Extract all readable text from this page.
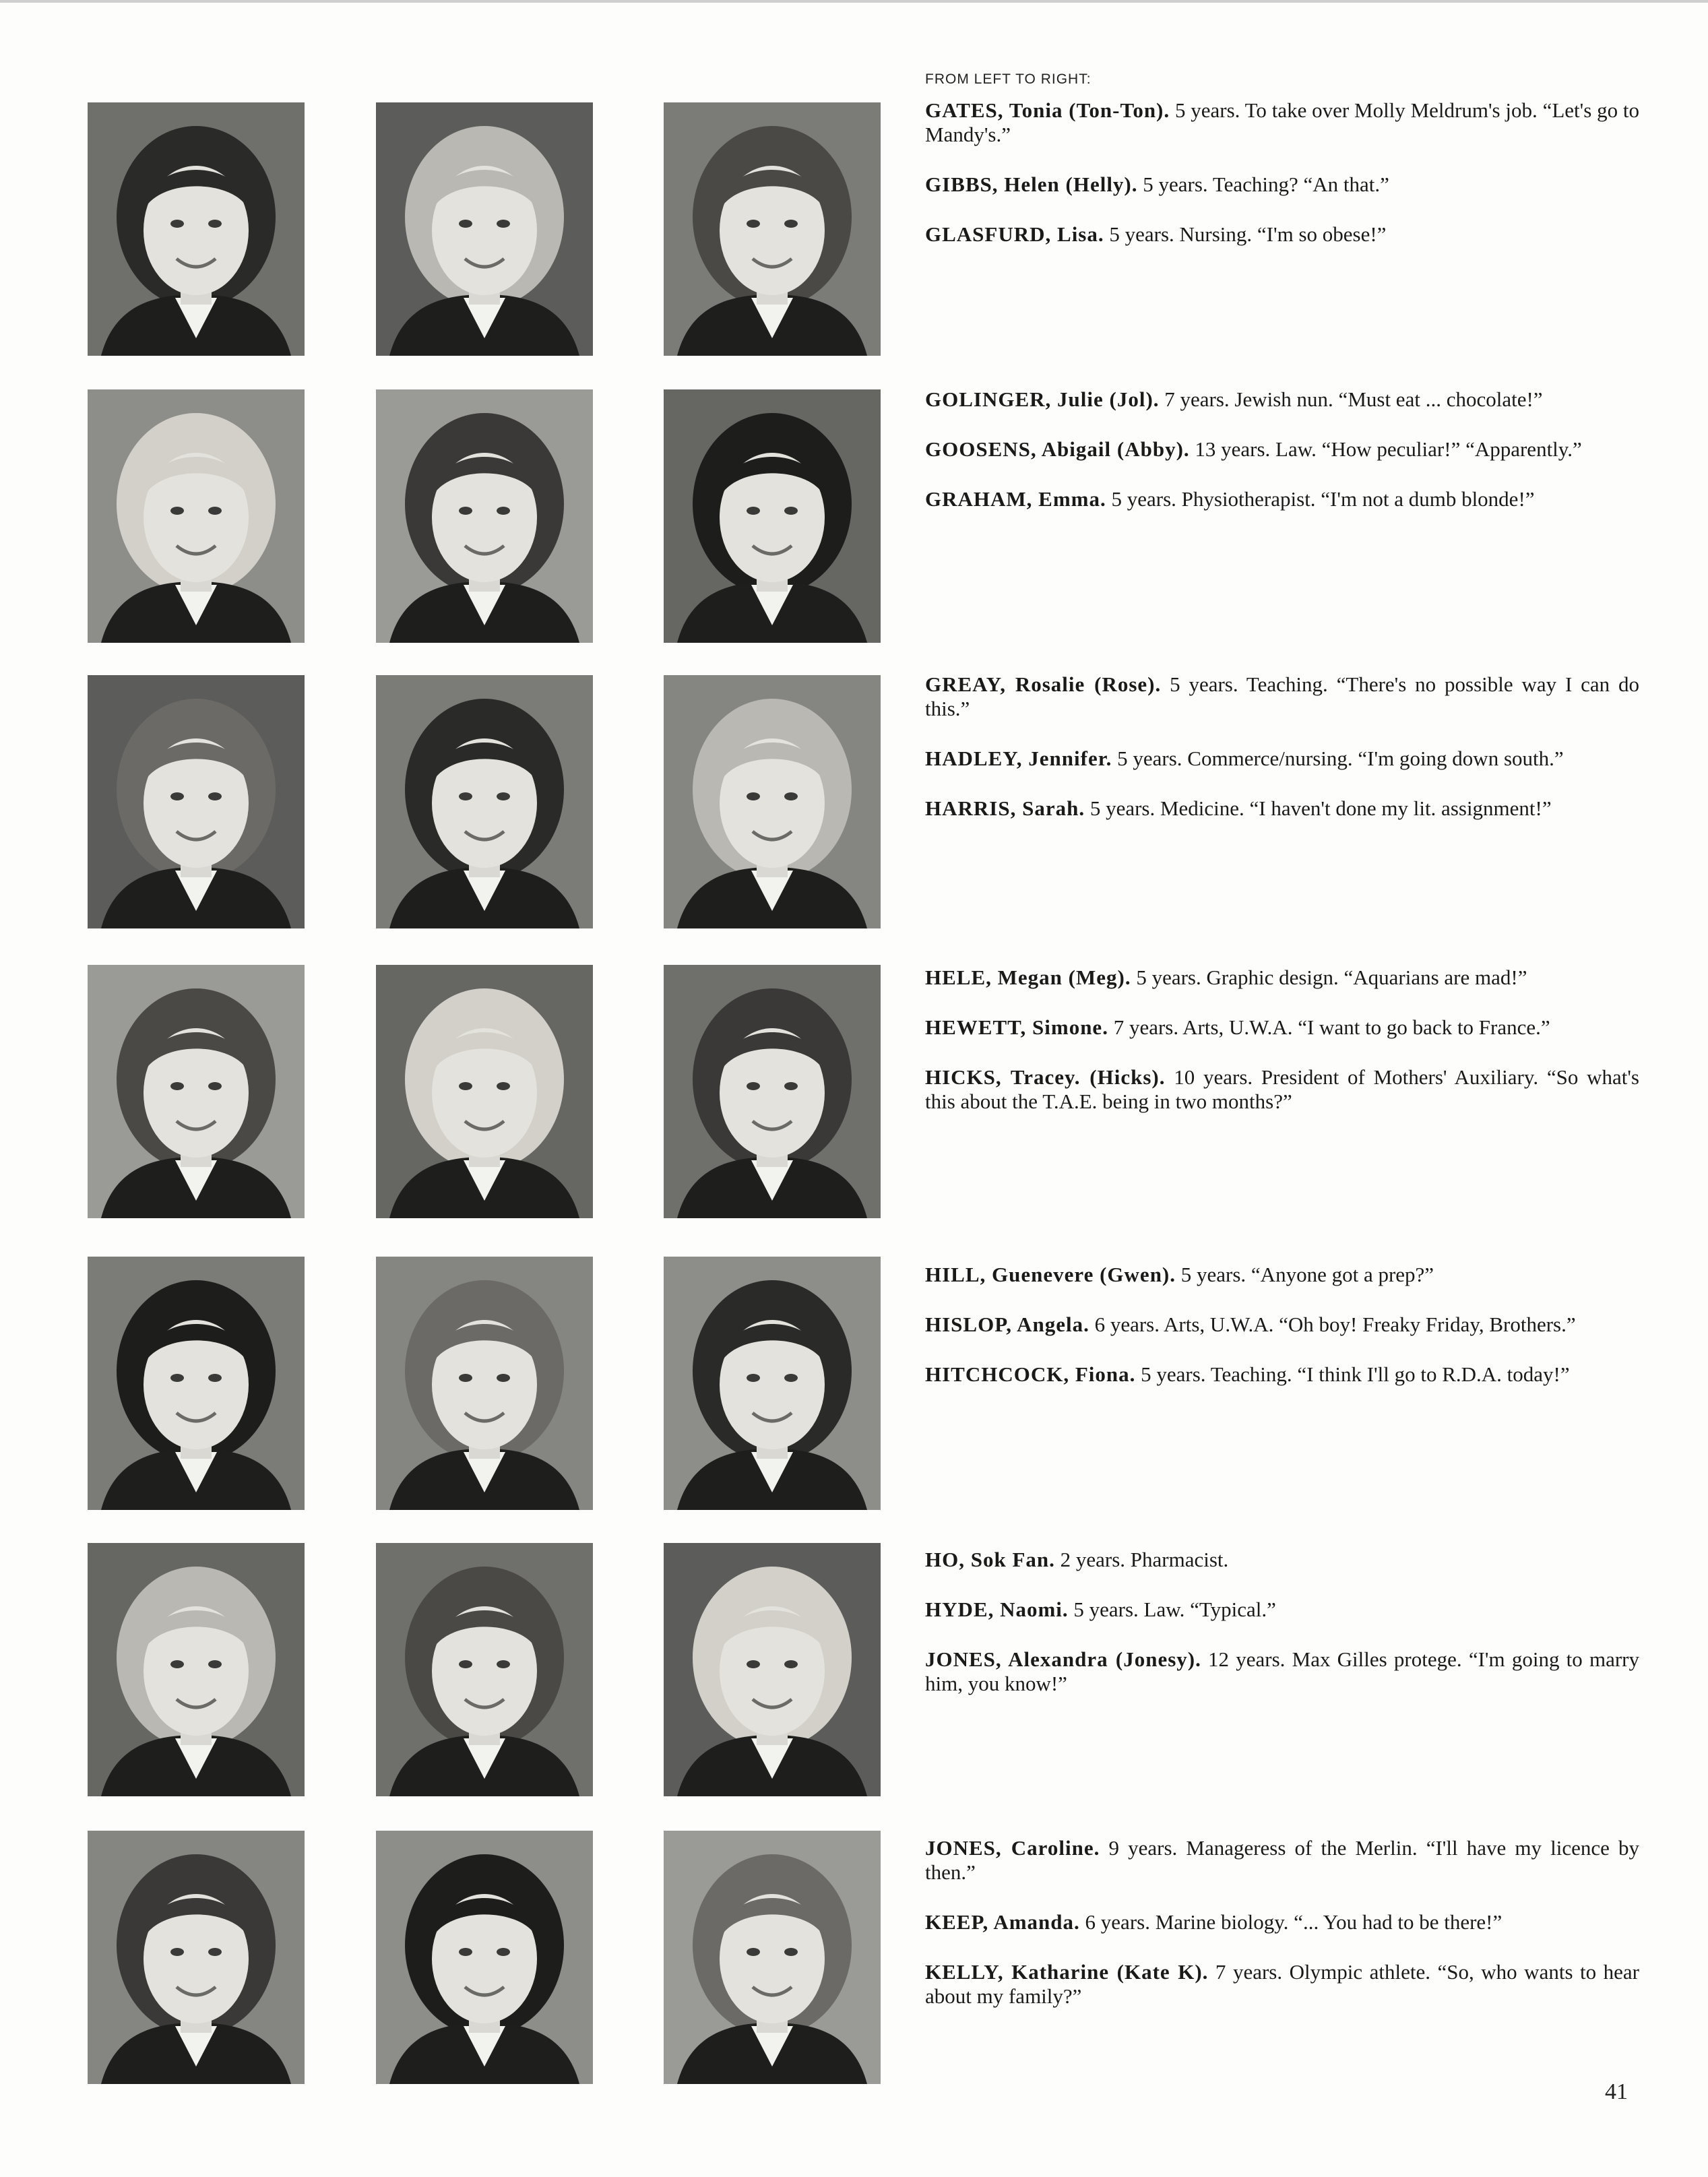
FROM LEFT TO RIGHT:

GATES, Tonia (Ton-Ton). 5 years. To take over Molly Meldrum's job. “Let's go to Mandy's.”

GIBBS, Helen (Helly). 5 years. Teaching? “An that.”

GLASFURD, Lisa. 5 years. Nursing. “I'm so obese!”

GOLINGER, Julie (Jol). 7 years. Jewish nun. “Must eat ... chocolate!”

GOOSENS, Abigail (Abby). 13 years. Law. “How peculiar!” “Apparently.”

GRAHAM, Emma. 5 years. Physiotherapist. “I'm not a dumb blonde!”

GREAY, Rosalie (Rose). 5 years. Teaching. “There's no possible way I can do this.”

HADLEY, Jennifer. 5 years. Commerce/nursing. “I'm going down south.”

HARRIS, Sarah. 5 years. Medicine. “I haven't done my lit. assignment!”

HELE, Megan (Meg). 5 years. Graphic design. “Aquarians are mad!”

HEWETT, Simone. 7 years. Arts, U.W.A. “I want to go back to France.”

HICKS, Tracey. (Hicks). 10 years. President of Mothers' Auxiliary. “So what's this about the T.A.E. being in two months?”

HILL, Guenevere (Gwen). 5 years. “Anyone got a prep?”

HISLOP, Angela. 6 years. Arts, U.W.A. “Oh boy! Freaky Friday, Brothers.”

HITCHCOCK, Fiona. 5 years. Teaching. “I think I'll go to R.D.A. today!”

HO, Sok Fan. 2 years. Pharmacist.

HYDE, Naomi. 5 years. Law. “Typical.”

JONES, Alexandra (Jonesy). 12 years. Max Gilles protege. “I'm going to marry him, you know!”

JONES, Caroline. 9 years. Manageress of the Merlin. “I'll have my licence by then.”

KEEP, Amanda. 6 years. Marine biology. “... You had to be there!”

KELLY, Katharine (Kate K). 7 years. Olympic athlete. “So, who wants to hear about my family?”

41
